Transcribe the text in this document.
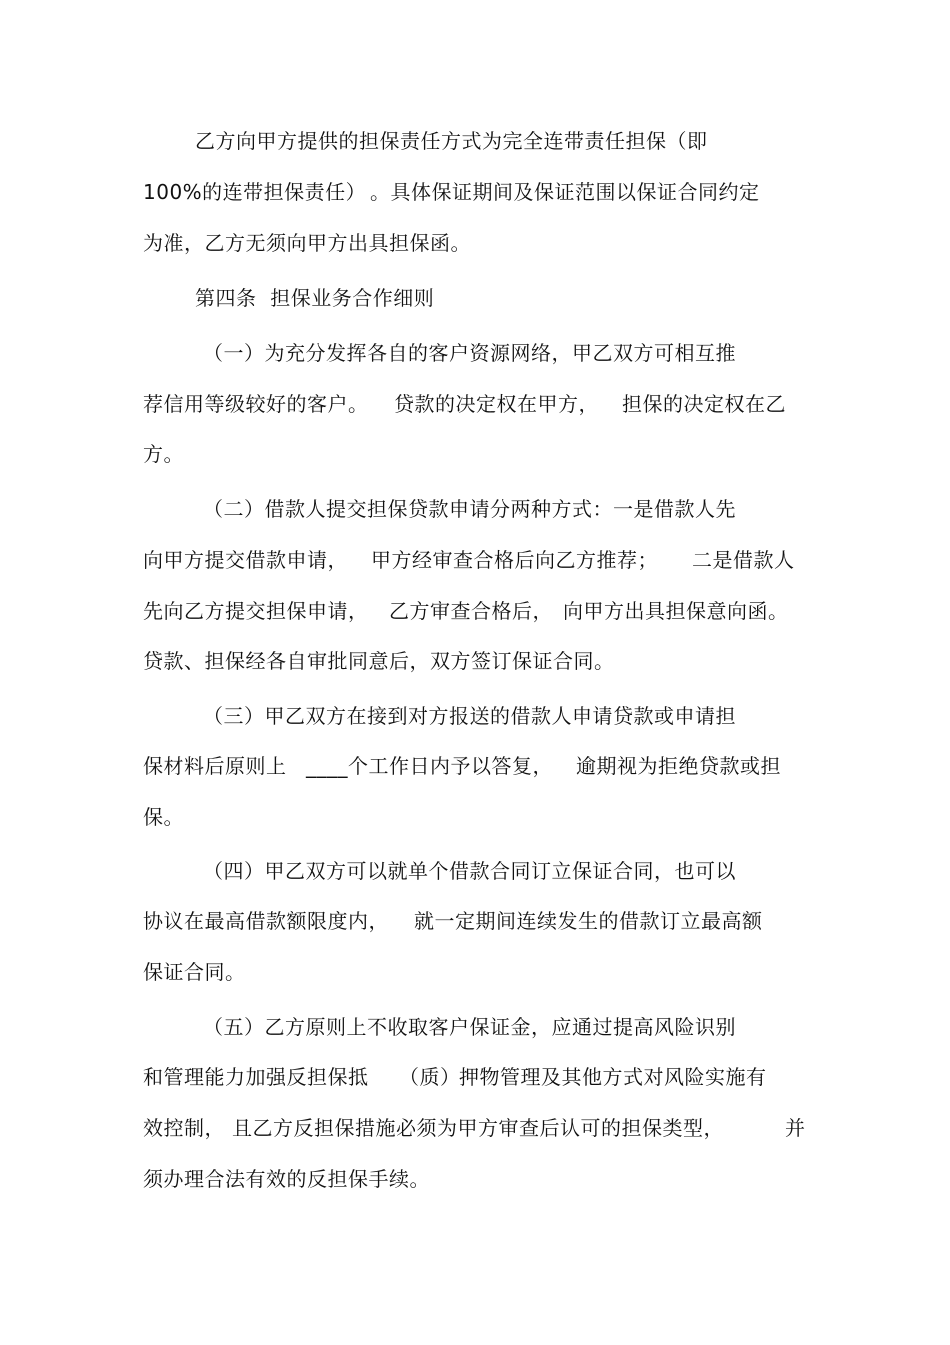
乙方向甲方提供的担保责任方式为完全连带责任担保（即

100%的连带担保责任）

。具体保证期间及保证范围以保证合同约定

为准，乙方无须向甲方出具担保函。

第四条  担保业务合作细则

（一）为充分发挥各自的客户资源网络，甲乙双方可相互推

荐信用等级较好的客户。

贷款的决定权在甲方，

担保的决定权在乙

方。

（二）借款人提交担保贷款申请分两种方式：一是借款人先

向甲方提交借款申请，

甲方经审查合格后向乙方推荐；

二是借款人

先向乙方提交担保申请，

乙方审查合格后，

向甲方出具担保意向函。

贷款、担保经各自审批同意后，双方签订保证合同。

（三）甲乙双方在接到对方报送的借款人申请贷款或申请担

保材料后原则上

____个工作日内予以答复，

逾期视为拒绝贷款或担

保。

（四）甲乙双方可以就单个借款合同订立保证合同，也可以

协议在最高借款额限度内，

就一定期间连续发生的借款订立最高额

保证合同。

（五）乙方原则上不收取客户保证金，应通过提高风险识别

和管理能力加强反担保抵

（质）

押物管理及其他方式对风险实施有

效控制，

且乙方反担保措施必须为甲方审查后认可的担保类型，

	并

须办理合法有效的反担保手续。
